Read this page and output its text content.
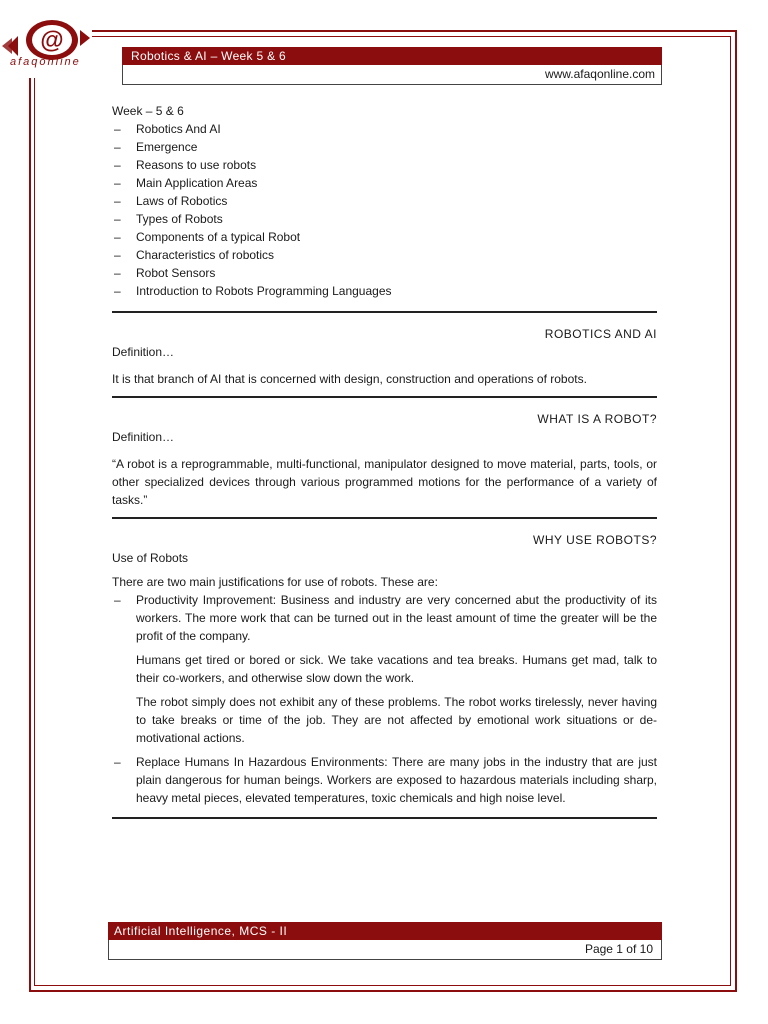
@
afaqonline	Robotics & AI – Week 5 & 6
www.afaqonline.com

Week – 5 & 6

– Robotics And AI
– Emergence
– Reasons to use robots
– Main Application Areas
– Laws of Robotics
– Types of Robots
– Components of a typical Robot
– Characteristics of robotics
– Robot Sensors
– Introduction to Robots Programming Languages

ROBOTICS AND AI

Definition…

It is that branch of AI that is concerned with design, construction and operations of robots.

WHAT IS A ROBOT?

Definition…

“A robot is a reprogrammable, multi-functional, manipulator designed to move material, parts, tools, or other specialized devices through various programmed motions for the performance of a variety of tasks.”

WHY USE ROBOTS?

Use of Robots

There are two main justifications for use of robots. These are:

– Productivity Improvement: Business and industry are very concerned abut the productivity of its workers. The more work that can be turned out in the least amount of time the greater will be the profit of the company.

Humans get tired or bored or sick. We take vacations and tea breaks. Humans get mad, talk to their co-workers, and otherwise slow down the work.

The robot simply does not exhibit any of these problems. The robot works tirelessly, never having to take breaks or time of the job. They are not affected by emotional work situations or de-motivational actions.

– Replace Humans In Hazardous Environments: There are many jobs in the industry that are just plain dangerous for human beings. Workers are exposed to hazardous materials including sharp, heavy metal pieces, elevated temperatures, toxic chemicals and high noise level.
Artificial Intelligence, MCS - II
Page 1 of 10
